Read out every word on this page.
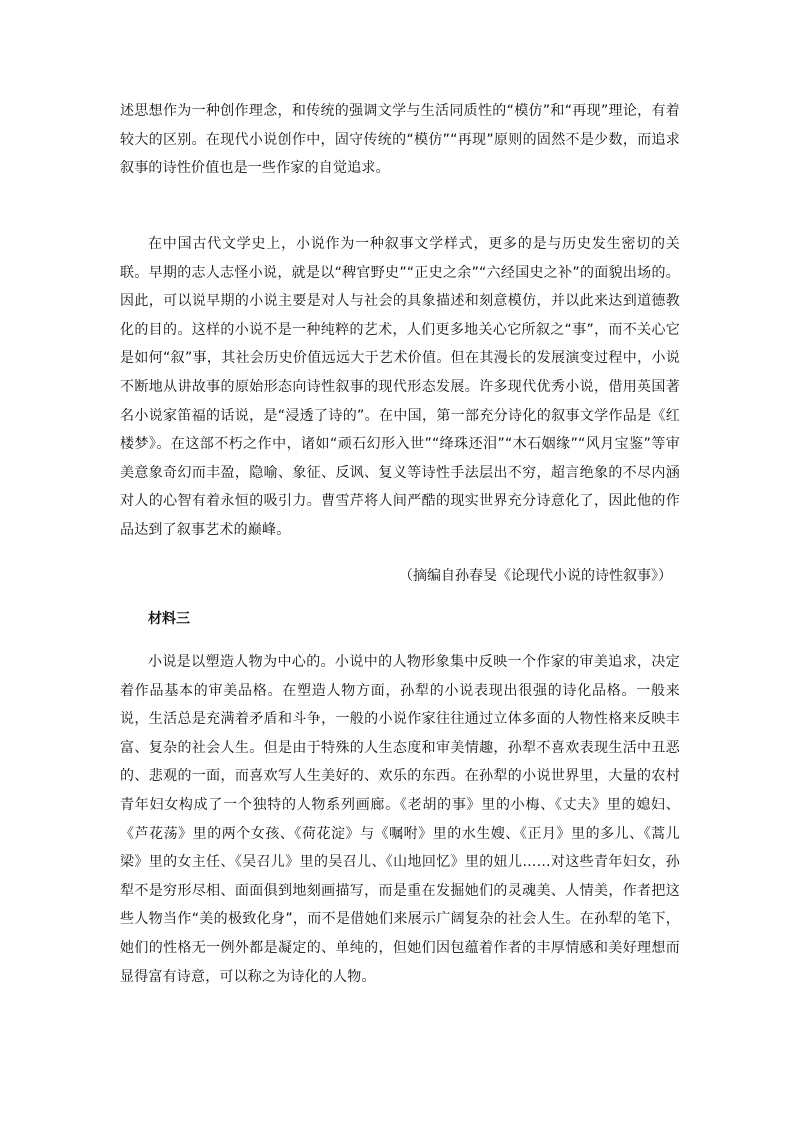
述思想作为一种创作理念，和传统的强调文学与生活同质性的“模仿”和“再现”理论，有着较大的区别。在现代小说创作中，固守传统的“模仿”“再现”原则的固然不是少数，而追求叙事的诗性价值也是一些作家的自觉追求。

在中国古代文学史上，小说作为一种叙事文学样式，更多的是与历史发生密切的关联。早期的志人志怪小说，就是以“稗官野史”“正史之余”“六经国史之补”的面貌出场的。因此，可以说早期的小说主要是对人与社会的具象描述和刻意模仿，并以此来达到道德教化的目的。这样的小说不是一种纯粹的艺术，人们更多地关心它所叙之“事”，而不关心它是如何“叙”事，其社会历史价值远远大于艺术价值。但在其漫长的发展演变过程中，小说不断地从讲故事的原始形态向诗性叙事的现代形态发展。许多现代优秀小说，借用英国著名小说家笛福的话说，是“浸透了诗的”。在中国，第一部充分诗化的叙事文学作品是《红楼梦》。在这部不朽之作中，诸如“顽石幻形入世”“绛珠还泪”“木石姻缘”“风月宝鉴”等审美意象奇幻而丰盈，隐喻、象征、反讽、复义等诗性手法层出不穷，超言绝象的不尽内涵对人的心智有着永恒的吸引力。曹雪芹将人间严酷的现实世界充分诗意化了，因此他的作品达到了叙事艺术的巅峰。

（摘编自孙春旻《论现代小说的诗性叙事》）

材料三

小说是以塑造人物为中心的。小说中的人物形象集中反映一个作家的审美追求，决定着作品基本的审美品格。在塑造人物方面，孙犁的小说表现出很强的诗化品格。一般来说，生活总是充满着矛盾和斗争，一般的小说作家往往通过立体多面的人物性格来反映丰富、复杂的社会人生。但是由于特殊的人生态度和审美情趣，孙犁不喜欢表现生活中丑恶的、悲观的一面，而喜欢写人生美好的、欢乐的东西。在孙犁的小说世界里，大量的农村青年妇女构成了一个独特的人物系列画廊。《老胡的事》里的小梅、《丈夫》里的媳妇、《芦花荡》里的两个女孩、《荷花淀》与《嘱咐》里的水生嫂、《正月》里的多儿、《蒿儿梁》里的女主任、《吴召儿》里的吴召儿、《山地回忆》里的妞儿……对这些青年妇女，孙犁不是穷形尽相、面面俱到地刻画描写，而是重在发掘她们的灵魂美、人情美，作者把这些人物当作“美的极致化身”，而不是借她们来展示广阔复杂的社会人生。在孙犁的笔下，她们的性格无一例外都是凝定的、单纯的，但她们因包蕴着作者的丰厚情感和美好理想而显得富有诗意，可以称之为诗化的人物。
